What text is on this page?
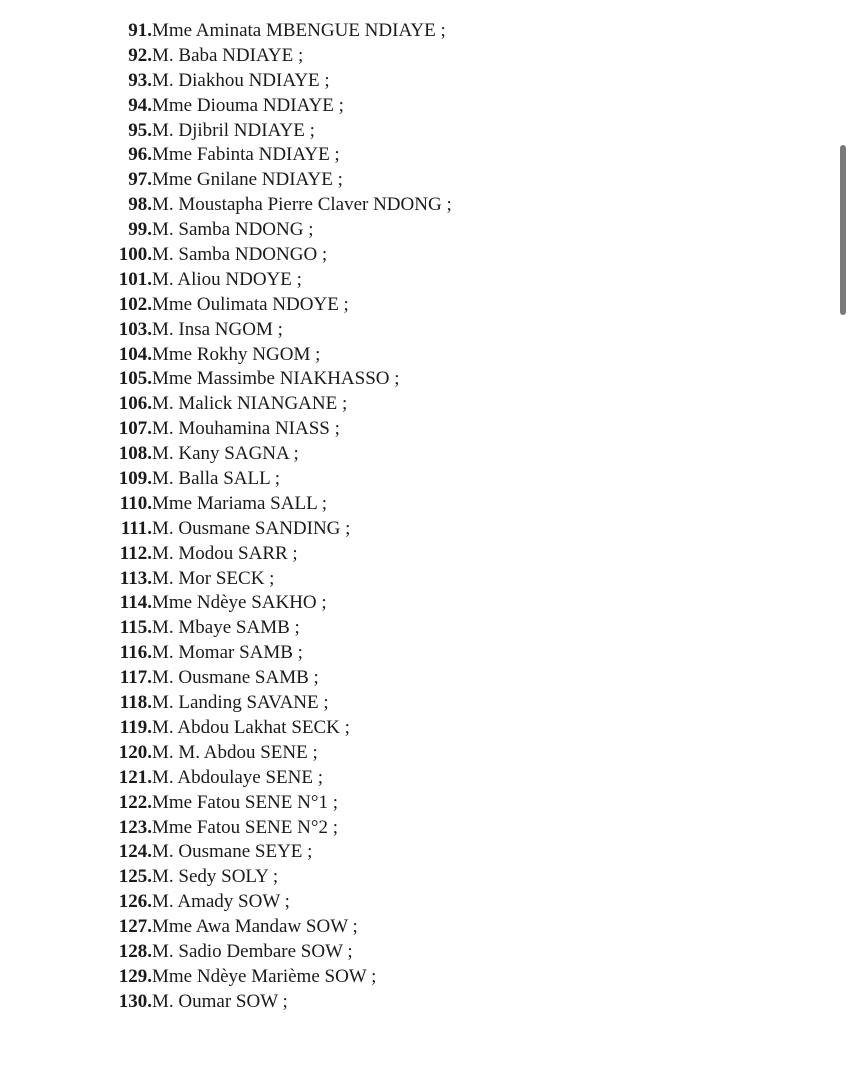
91. Mme Aminata MBENGUE NDIAYE ;
92. M. Baba NDIAYE ;
93. M. Diakhou NDIAYE ;
94. Mme Diouma NDIAYE ;
95. M. Djibril NDIAYE ;
96. Mme Fabinta NDIAYE ;
97. Mme Gnilane NDIAYE ;
98. M. Moustapha Pierre Claver NDONG ;
99. M. Samba NDONG ;
100. M. Samba NDONGO ;
101. M. Aliou NDOYE ;
102. Mme Oulimata NDOYE ;
103. M. Insa NGOM ;
104. Mme Rokhy NGOM ;
105. Mme Massimbe NIAKHASSO ;
106. M. Malick NIANGANE ;
107. M. Mouhamina NIASS ;
108. M. Kany SAGNA ;
109. M. Balla SALL ;
110. Mme Mariama SALL ;
111. M. Ousmane SANDING ;
112. M. Modou SARR ;
113. M. Mor SECK ;
114. Mme Ndèye SAKHO ;
115. M. Mbaye SAMB ;
116. M. Momar SAMB ;
117. M. Ousmane SAMB ;
118. M. Landing SAVANE ;
119. M. Abdou Lakhat SECK ;
120. M. M. Abdou SENE ;
121. M. Abdoulaye SENE ;
122. Mme Fatou SENE N°1 ;
123. Mme Fatou SENE N°2 ;
124. M. Ousmane SEYE ;
125. M. Sedy SOLY ;
126. M. Amady SOW ;
127. Mme Awa Mandaw SOW ;
128. M. Sadio Dembare SOW ;
129. Mme Ndèye Marième SOW ;
130. M. Oumar SOW ;
